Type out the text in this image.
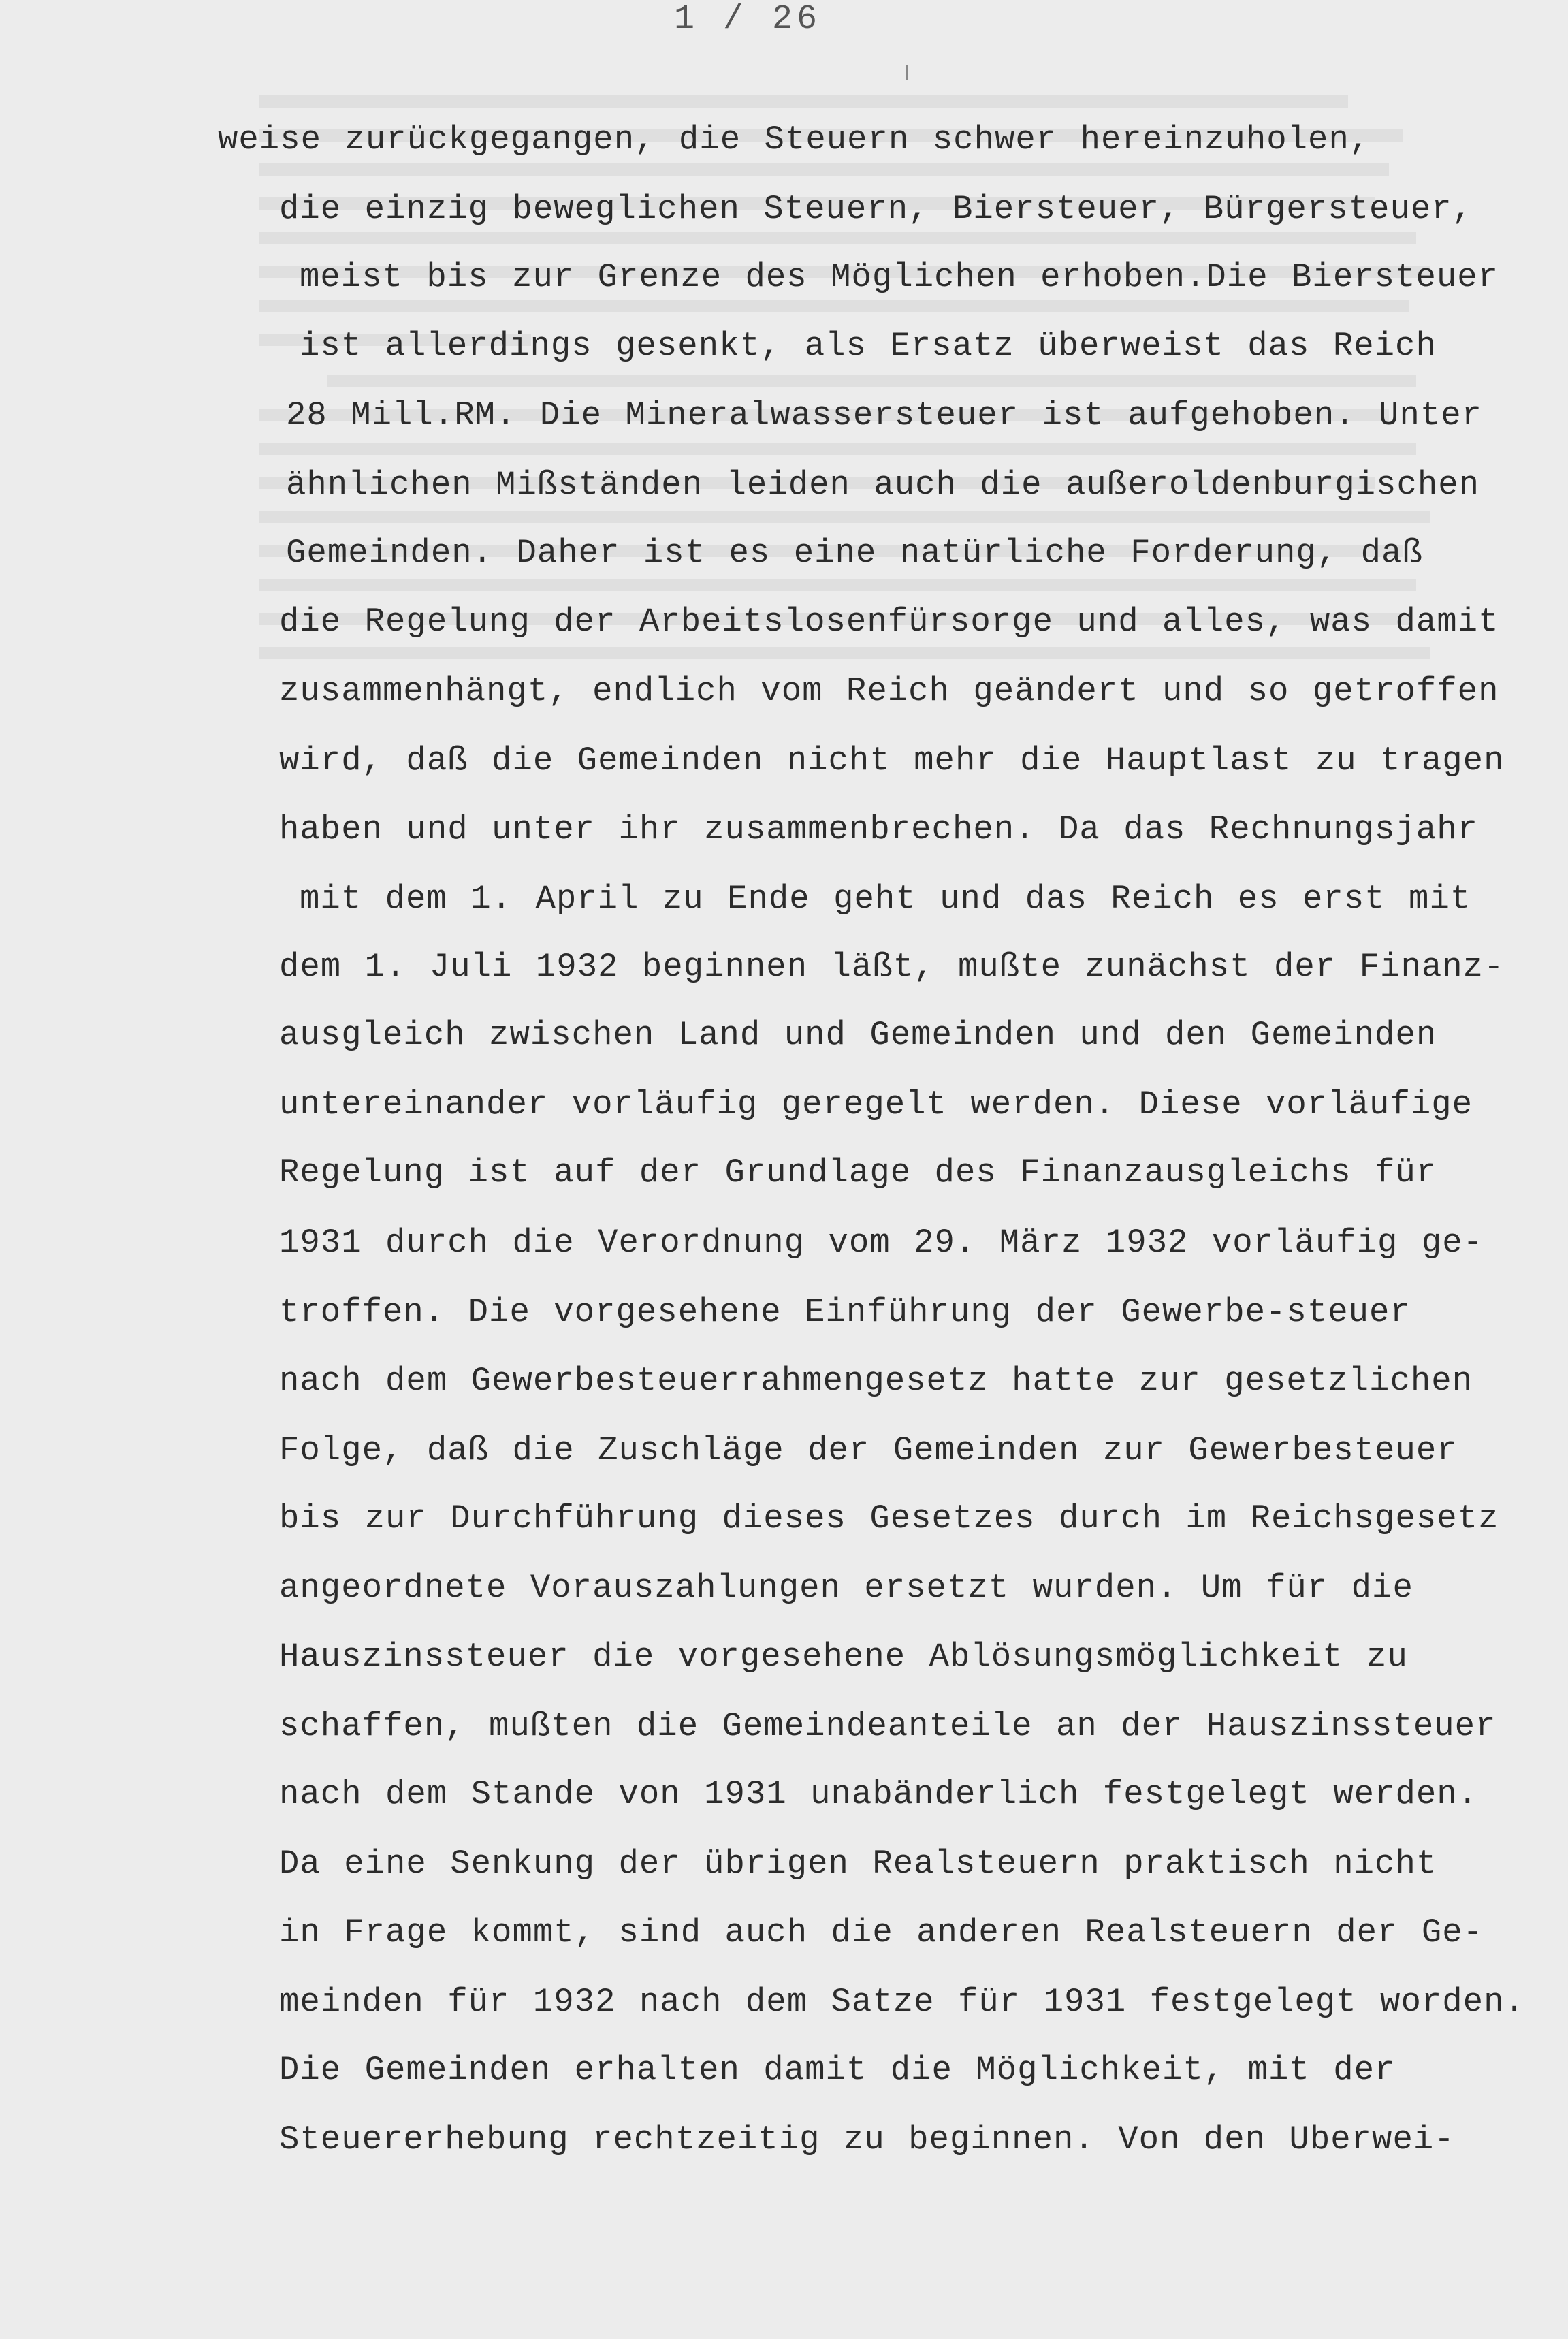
1 / 26
weise zurückgegangen, die Steuern schwer hereinzuholen,
die einzig beweglichen Steuern, Biersteuer, Bürgersteuer,
meist bis zur Grenze des Möglichen erhoben.Die Biersteuer
ist allerdings gesenkt, als Ersatz überweist das Reich
28 Mill.RM. Die Mineralwassersteuer ist aufgehoben. Unter
ähnlichen Mißständen leiden auch die außeroldenburgischen
Gemeinden. Daher ist es eine natürliche Forderung, daß
die Regelung der Arbeitslosenfürsorge und alles, was damit
zusammenhängt, endlich vom Reich geändert und so getroffen
wird, daß die Gemeinden nicht mehr die Hauptlast zu tragen
haben und unter ihr zusammenbrechen. Da das Rechnungsjahr
mit dem 1. April zu Ende geht und das Reich es erst mit
dem 1. Juli 1932 beginnen läßt, mußte zunächst der Finanz-
ausgleich zwischen Land und Gemeinden und den Gemeinden
untereinander vorläufig geregelt werden. Diese vorläufige
Regelung ist auf der Grundlage des Finanzausgleichs für
1931 durch die Verordnung vom 29. März 1932 vorläufig ge-
troffen. Die vorgesehene Einführung der Gewerbe-steuer
nach dem Gewerbesteuerrahmengesetz hatte zur gesetzlichen
Folge, daß die Zuschläge der Gemeinden zur Gewerbesteuer
bis zur Durchführung dieses Gesetzes durch im Reichsgesetz
angeordnete Vorauszahlungen ersetzt wurden. Um für die
Hauszinssteuer die vorgesehene Ablösungsmöglichkeit zu
schaffen, mußten die Gemeindeanteile an der Hauszinssteuer
nach dem Stande von 1931 unabänderlich festgelegt werden.
Da eine Senkung der übrigen Realsteuern praktisch nicht
in Frage kommt, sind auch die anderen Realsteuern der Ge-
meinden für 1932 nach dem Satze für 1931 festgelegt worden.
Die Gemeinden erhalten damit die Möglichkeit, mit der
Steuererhebung rechtzeitig zu beginnen. Von den Uberwei-
